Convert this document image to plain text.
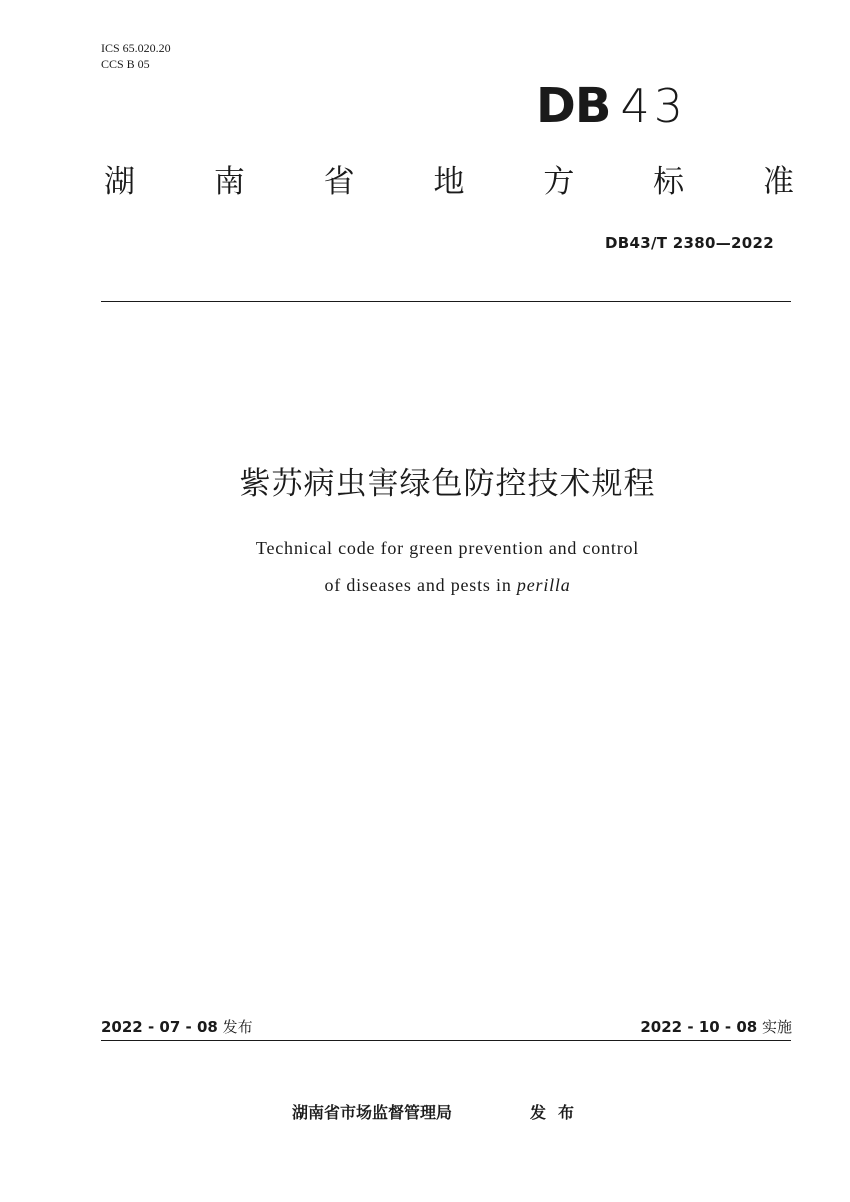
ICS 65.020.20
CCS B 05
DB 43
湖	南	省	地	方	标	准
DB43/T 2380—2022
紫苏病虫害绿色防控技术规程
Technical code for green prevention and control
of diseases and pests in perilla
2022 - 07 - 08 发布	2022 - 10 - 08 实施
湖南省市场监督管理局	发布
